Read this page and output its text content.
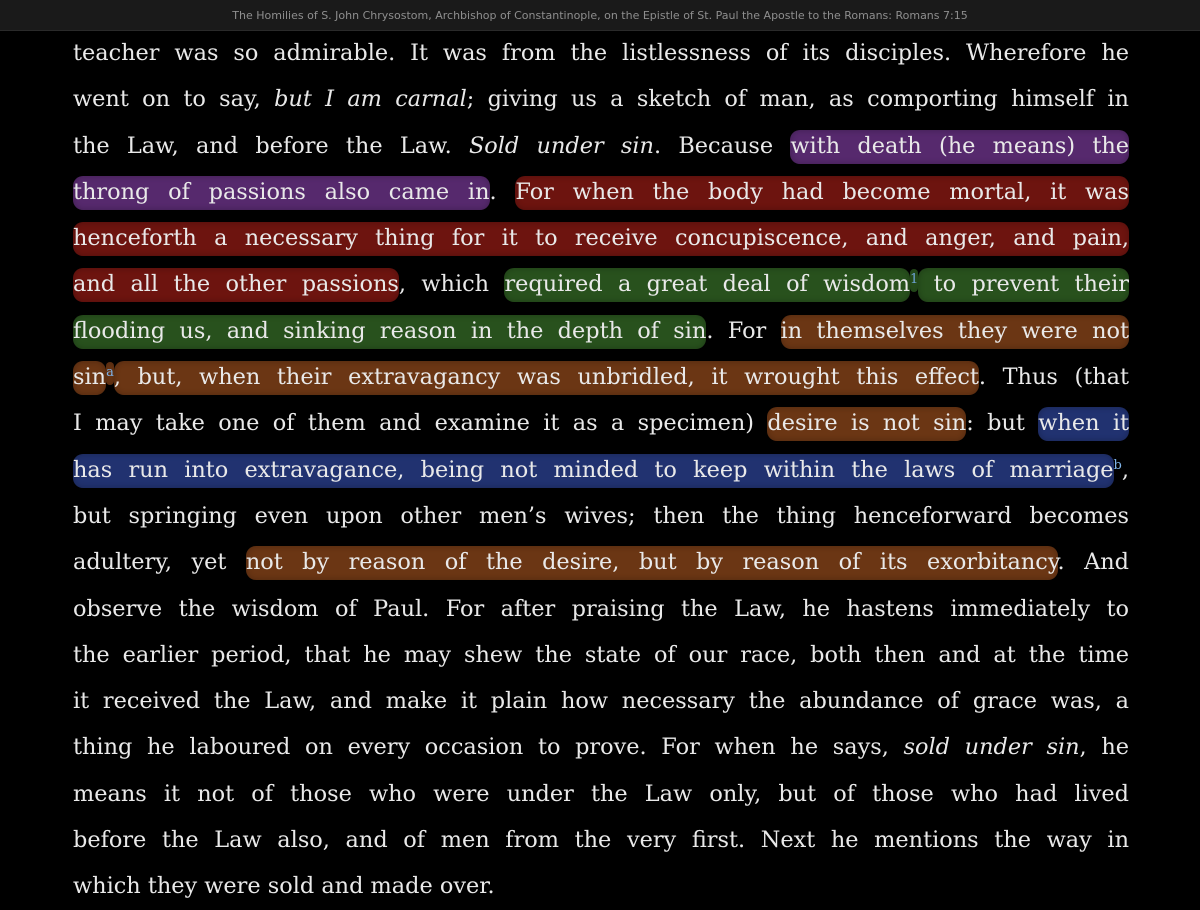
The Homilies of S. John Chrysostom, Archbishop of Constantinople, on the Epistle of St. Paul the Apostle to the Romans: Romans 7:15
teacher was so admirable. It was from the listlessness of its disciples. Wherefore he
went on to say, but I am carnal; giving us a sketch of man, as comporting himself in
the Law, and before the Law. Sold under sin. Because with death (he means) the
throng of passions also came in. For when the body had become mortal, it was
henceforth a necessary thing for it to receive concupiscence, and anger, and pain,
and all the other passions, which required a great deal of wisdom$^1$ to prevent their
flooding us, and sinking reason in the depth of sin. For in themselves they were not
sin$^a$, but, when their extravagancy was unbridled, it wrought this effect. Thus (that
I may take one of them and examine it as a specimen) desire is not sin: but when it
has run into extravagance, being not minded to keep within the laws of marriage$^b$,
but springing even upon other men’s wives; then the thing henceforward becomes
adultery, yet not by reason of the desire, but by reason of its exorbitancy. And
observe the wisdom of Paul. For after praising the Law, he hastens immediately to
the earlier period, that he may shew the state of our race, both then and at the time
it received the Law, and make it plain how necessary the abundance of grace was, a
thing he laboured on every occasion to prove. For when he says, sold under sin, he
means it not of those who were under the Law only, but of those who had lived
before the Law also, and of men from the very first. Next he mentions the way in
which they were sold and made over.
